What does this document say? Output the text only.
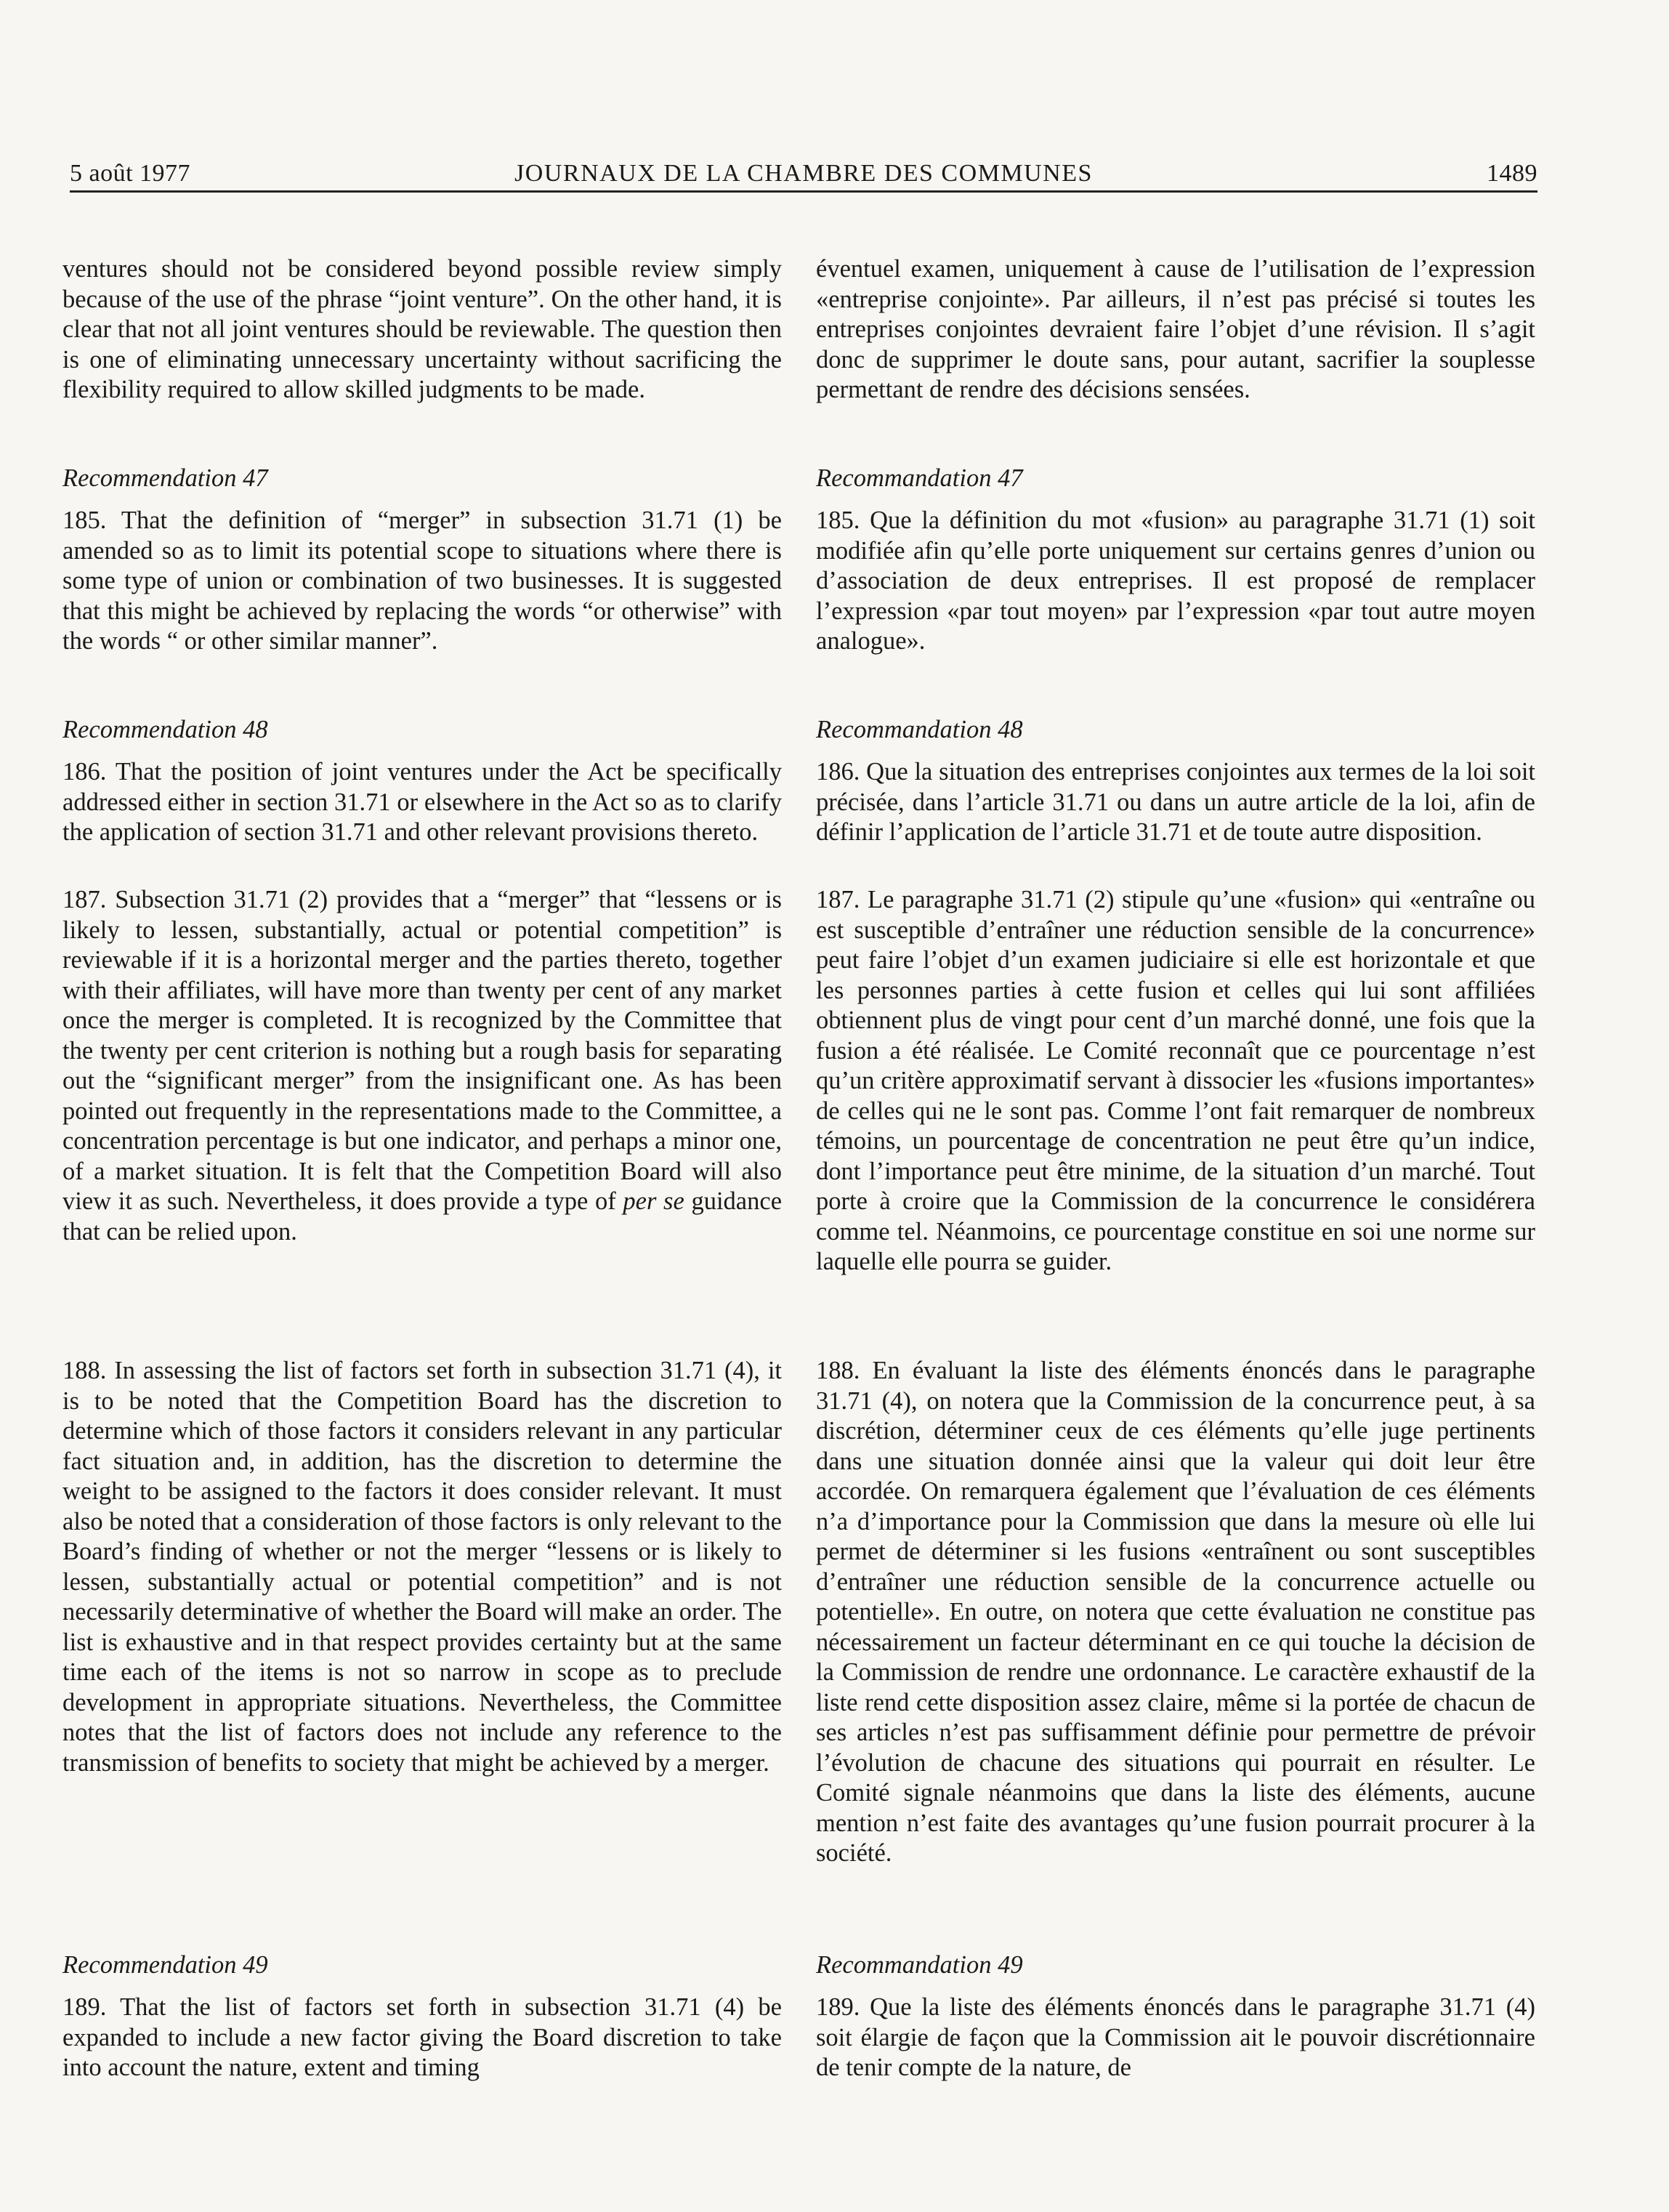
5 août 1977	JOURNAUX DE LA CHAMBRE DES COMMUNES	1489

ventures should not be considered beyond possible review simply because of the use of the phrase “joint venture”. On the other hand, it is clear that not all joint ventures should be reviewable. The question then is one of eliminating unnecessary uncertainty without sacrificing the flexibility required to allow skilled judgments to be made.

Recommendation 47

185. That the definition of “merger” in subsection 31.71 (1) be amended so as to limit its potential scope to situations where there is some type of union or combination of two businesses. It is suggested that this might be achieved by replacing the words “or otherwise” with the words “ or other similar manner”.

Recommendation 48

186. That the position of joint ventures under the Act be specifically addressed either in section 31.71 or elsewhere in the Act so as to clarify the application of section 31.71 and other relevant provisions thereto.

187. Subsection 31.71 (2) provides that a “merger” that “lessens or is likely to lessen, substantially, actual or potential competition” is reviewable if it is a horizontal merger and the parties thereto, together with their affiliates, will have more than twenty per cent of any market once the merger is completed. It is recognized by the Committee that the twenty per cent criterion is nothing but a rough basis for separating out the “significant merger” from the insignificant one. As has been pointed out frequently in the representations made to the Committee, a concentration percentage is but one indicator, and perhaps a minor one, of a market situation. It is felt that the Competition Board will also view it as such. Nevertheless, it does provide a type of per se guidance that can be relied upon.

188. In assessing the list of factors set forth in subsection 31.71 (4), it is to be noted that the Competition Board has the discretion to determine which of those factors it considers relevant in any particular fact situation and, in addition, has the discretion to determine the weight to be assigned to the factors it does consider relevant. It must also be noted that a consideration of those factors is only relevant to the Board’s finding of whether or not the merger “lessens or is likely to lessen, substantially actual or potential competition” and is not necessarily determinative of whether the Board will make an order. The list is exhaustive and in that respect provides certainty but at the same time each of the items is not so narrow in scope as to preclude development in appropriate situations. Nevertheless, the Committee notes that the list of factors does not include any reference to the transmission of benefits to society that might be achieved by a merger.

Recommendation 49

189. That the list of factors set forth in subsection 31.71 (4) be expanded to include a new factor giving the Board discretion to take into account the nature, extent and timing

éventuel examen, uniquement à cause de l’utilisation de l’expression «entreprise conjointe». Par ailleurs, il n’est pas précisé si toutes les entreprises conjointes devraient faire l’objet d’une révision. Il s’agit donc de supprimer le doute sans, pour autant, sacrifier la souplesse permettant de rendre des décisions sensées.

Recommandation 47

185. Que la définition du mot «fusion» au paragraphe 31.71 (1) soit modifiée afin qu’elle porte uniquement sur certains genres d’union ou d’association de deux entreprises. Il est proposé de remplacer l’expression «par tout moyen» par l’expression «par tout autre moyen analogue».

Recommandation 48

186. Que la situation des entreprises conjointes aux termes de la loi soit précisée, dans l’article 31.71 ou dans un autre article de la loi, afin de définir l’application de l’article 31.71 et de toute autre disposition.

187. Le paragraphe 31.71 (2) stipule qu’une «fusion» qui «entraîne ou est susceptible d’entraîner une réduction sensible de la concurrence» peut faire l’objet d’un examen judiciaire si elle est horizontale et que les personnes parties à cette fusion et celles qui lui sont affiliées obtiennent plus de vingt pour cent d’un marché donné, une fois que la fusion a été réalisée. Le Comité reconnaît que ce pourcentage n’est qu’un critère approximatif servant à dissocier les «fusions importantes» de celles qui ne le sont pas. Comme l’ont fait remarquer de nombreux témoins, un pourcentage de concentration ne peut être qu’un indice, dont l’importance peut être minime, de la situation d’un marché. Tout porte à croire que la Commission de la concurrence le considérera comme tel. Néanmoins, ce pourcentage constitue en soi une norme sur laquelle elle pourra se guider.

188. En évaluant la liste des éléments énoncés dans le paragraphe 31.71 (4), on notera que la Commission de la concurrence peut, à sa discrétion, déterminer ceux de ces éléments qu’elle juge pertinents dans une situation donnée ainsi que la valeur qui doit leur être accordée. On remarquera également que l’évaluation de ces éléments n’a d’importance pour la Commission que dans la mesure où elle lui permet de déterminer si les fusions «entraînent ou sont susceptibles d’entraîner une réduction sensible de la concurrence actuelle ou potentielle». En outre, on notera que cette évaluation ne constitue pas nécessairement un facteur déterminant en ce qui touche la décision de la Commission de rendre une ordonnance. Le caractère exhaustif de la liste rend cette disposition assez claire, même si la portée de chacun de ses articles n’est pas suffisamment définie pour permettre de prévoir l’évolution de chacune des situations qui pourrait en résulter. Le Comité signale néanmoins que dans la liste des éléments, aucune mention n’est faite des avantages qu’une fusion pourrait procurer à la société.

Recommandation 49

189. Que la liste des éléments énoncés dans le paragraphe 31.71 (4) soit élargie de façon que la Commission ait le pouvoir discrétionnaire de tenir compte de la nature, de
